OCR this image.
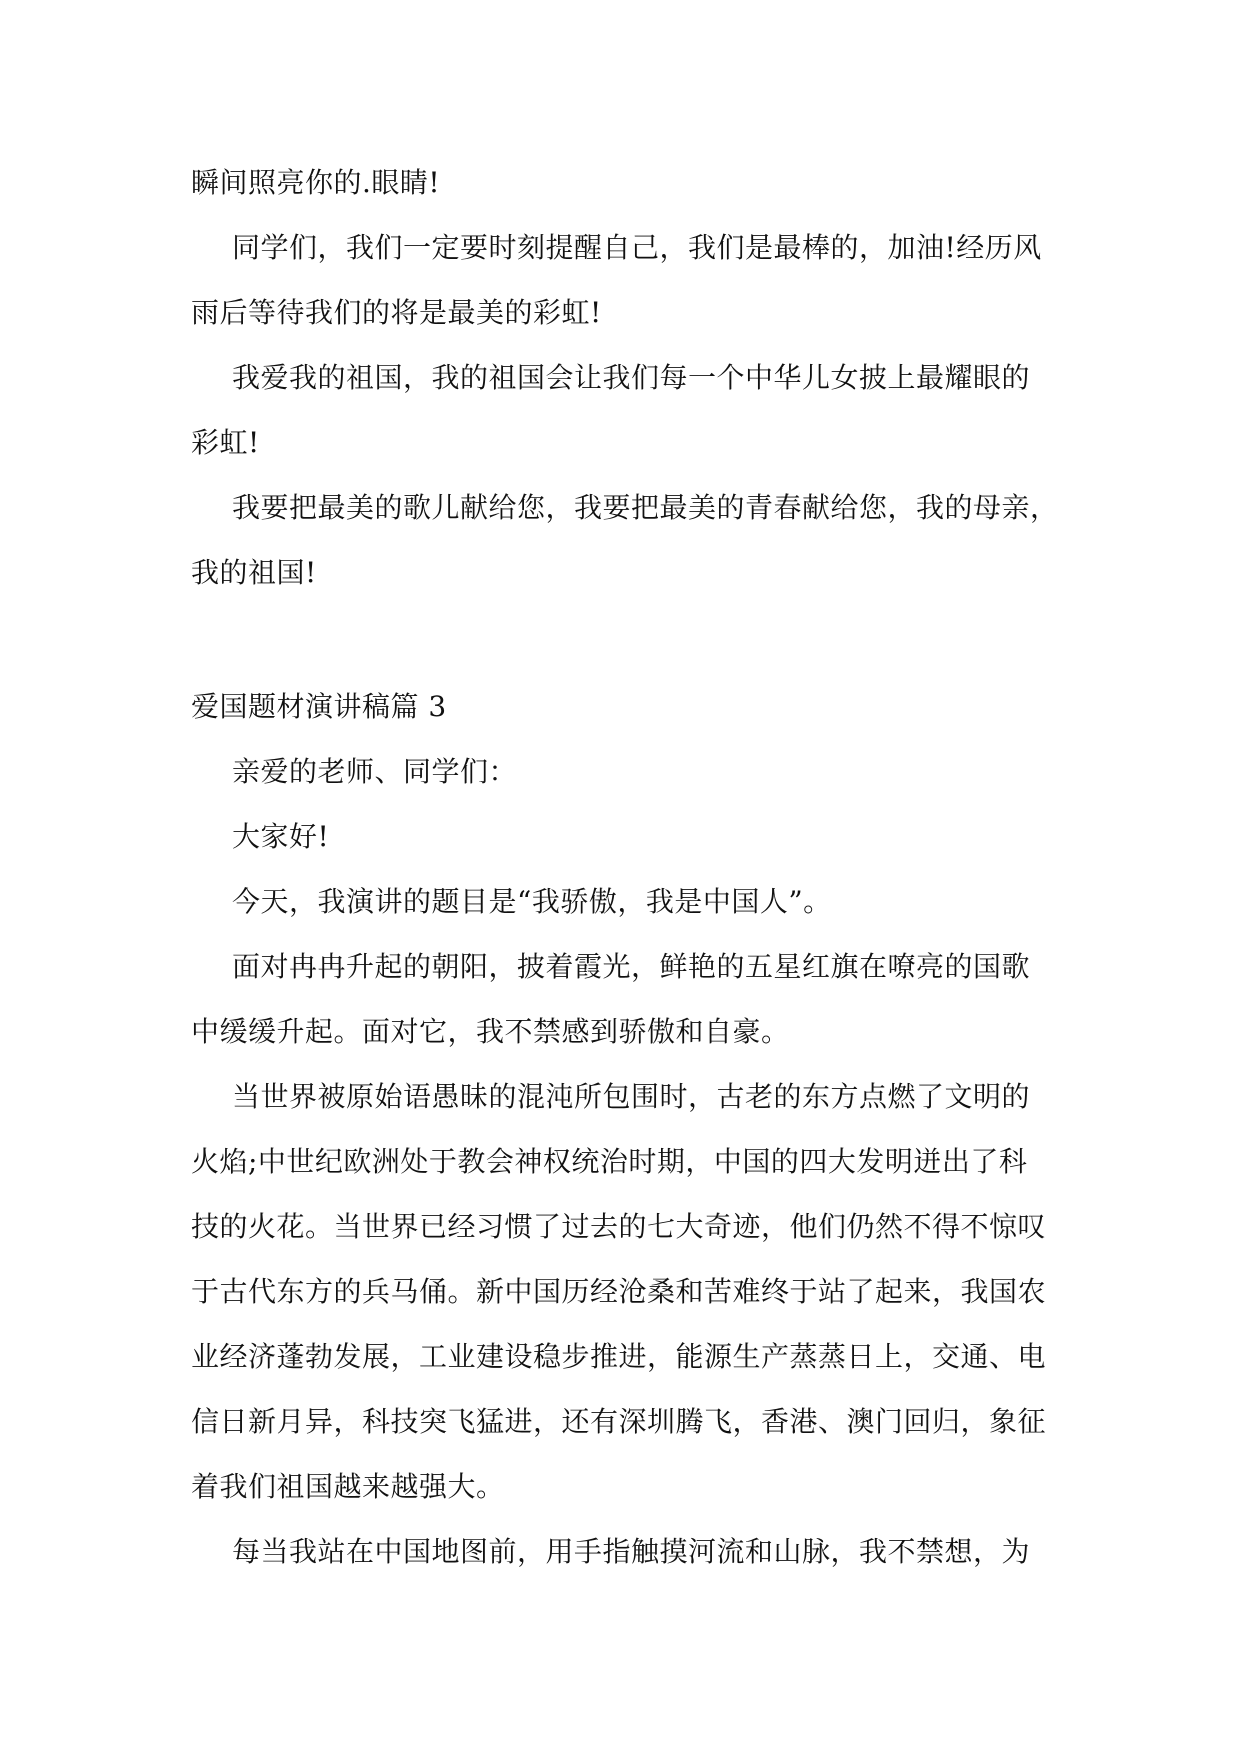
瞬间照亮你的.眼睛!
同学们，我们一定要时刻提醒自己，我们是最棒的，加油!经历风
雨后等待我们的将是最美的彩虹!
我爱我的祖国，我的祖国会让我们每一个中华儿女披上最耀眼的
彩虹!
我要把最美的歌儿献给您，我要把最美的青春献给您，我的母亲，
我的祖国!
爱国题材演讲稿篇 3
亲爱的老师、同学们：
大家好!
今天，我演讲的题目是“我骄傲，我是中国人”。
面对冉冉升起的朝阳，披着霞光，鲜艳的五星红旗在嘹亮的国歌
中缓缓升起。面对它，我不禁感到骄傲和自豪。
当世界被原始语愚昧的混沌所包围时，古老的东方点燃了文明的
火焰;中世纪欧洲处于教会神权统治时期，中国的四大发明迸出了科
技的火花。当世界已经习惯了过去的七大奇迹，他们仍然不得不惊叹
于古代东方的兵马俑。新中国历经沧桑和苦难终于站了起来，我国农
业经济蓬勃发展，工业建设稳步推进，能源生产蒸蒸日上，交通、电
信日新月异，科技突飞猛进，还有深圳腾飞，香港、澳门回归，象征
着我们祖国越来越强大。
每当我站在中国地图前，用手指触摸河流和山脉，我不禁想，为
